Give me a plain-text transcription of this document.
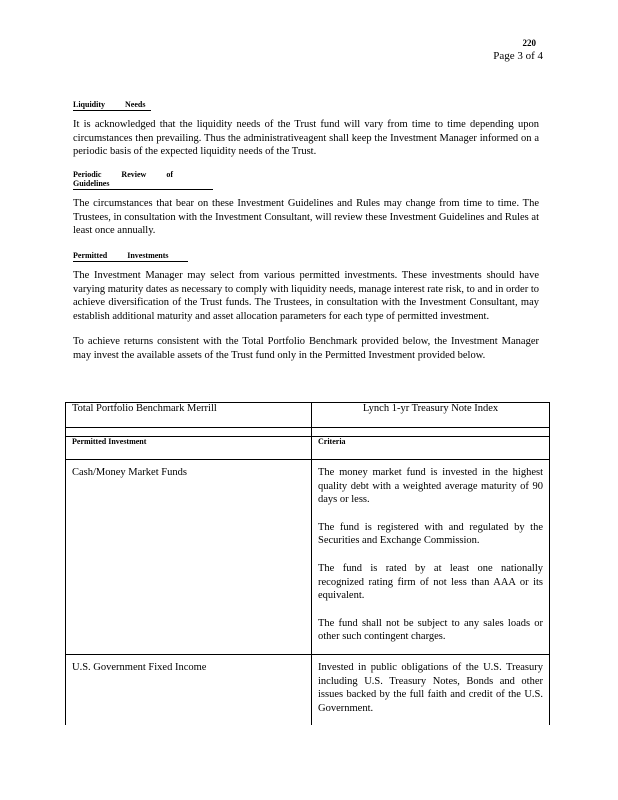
220
Page 3 of 4
Liquidity Needs
It is acknowledged that the liquidity needs of the Trust fund will vary from time to time depending upon circumstances then prevailing. Thus the administrativeagent shall keep the Investment Manager informed on a periodic basis of the expected liquidity needs of the Trust.
Periodic Review of Guidelines
The circumstances that bear on these Investment Guidelines and Rules may change from time to time. The Trustees, in consultation with the Investment Consultant, will review these Investment Guidelines and Rules at least once annually.
Permitted Investments
The Investment Manager may select from various permitted investments. These investments should have varying maturity dates as necessary to comply with liquidity needs, manage interest rate risk, to and in order to achieve diversification of the Trust funds. The Trustees, in consultation with the Investment Consultant, may establish additional maturity and asset allocation parameters for each type of permitted investment.
To achieve returns consistent with the Total Portfolio Benchmark provided below, the Investment Manager may invest the available assets of the Trust fund only in the Permitted Investment provided below.
Total Portfolio Benchmark Merrill	Lynch 1-yr Treasury Note Index

Permitted Investment	Criteria
Cash/Money Market Funds	The money market fund is invested in the highest quality debt with a weighted average maturity of 90 days or less.

The fund is registered with and regulated by the Securities and Exchange Commission.

The fund is rated by at least one nationally recognized rating firm of not less than AAA or its equivalent.

The fund shall not be subject to any sales loads or other such contingent charges.

U.S. Government Fixed Income	Invested in public obligations of the U.S. Treasury including U.S. Treasury Notes, Bonds and other issues backed by the full faith and credit of the U.S. Government.
